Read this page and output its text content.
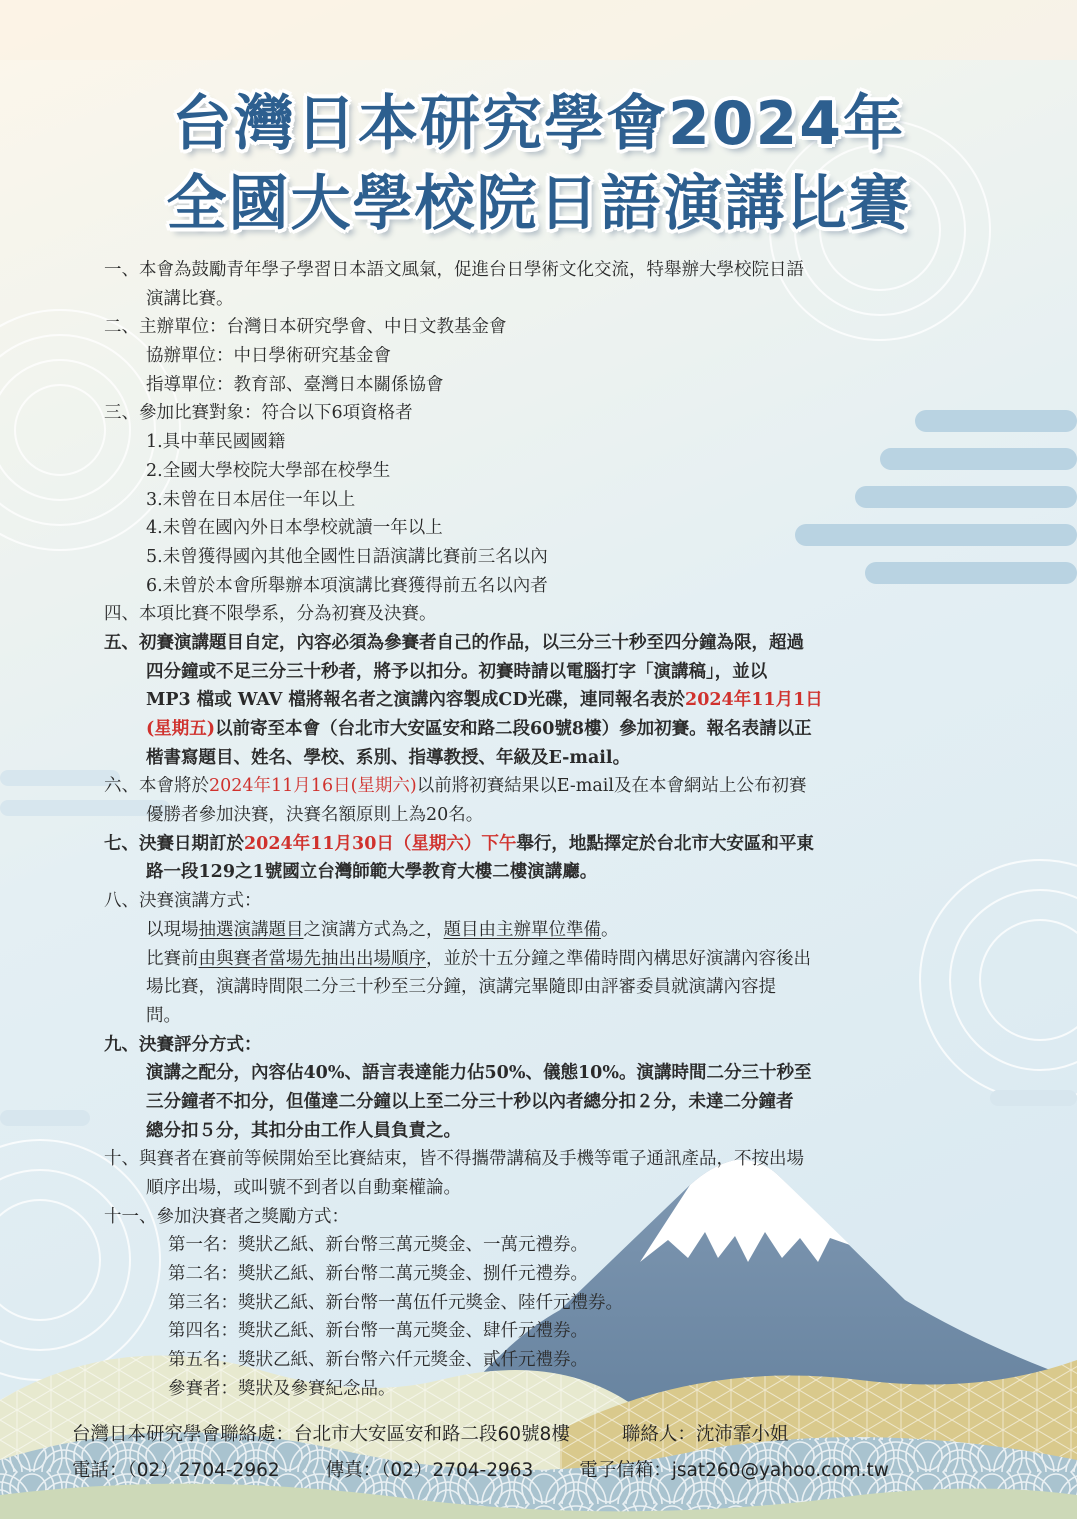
台灣日本研究學會2024年
全國大學校院日語演講比賽
一、本會為鼓勵青年學子學習日本語文風氣，促進台日學術文化交流，特舉辦大學校院日語
演講比賽。
二、主辦單位：台灣日本研究學會、中日文教基金會
協辦單位：中日學術研究基金會
指導單位：教育部、臺灣日本關係協會
三、參加比賽對象：符合以下6項資格者
1.具中華民國國籍
2.全國大學校院大學部在校學生
3.未曾在日本居住一年以上
4.未曾在國內外日本學校就讀一年以上
5.未曾獲得國內其他全國性日語演講比賽前三名以內
6.未曾於本會所舉辦本項演講比賽獲得前五名以內者
四、本項比賽不限學系，分為初賽及決賽。
五、初賽演講題目自定，內容必須為參賽者自己的作品，以三分三十秒至四分鐘為限，超過
四分鐘或不足三分三十秒者，將予以扣分。初賽時請以電腦打字「演講稿」，並以
MP3 檔或 WAV 檔將報名者之演講內容製成CD光碟，連同報名表於2024年11月1日
(星期五)以前寄至本會（台北市大安區安和路二段60號8樓）參加初賽。報名表請以正
楷書寫題目、姓名、學校、系別、指導教授、年級及E-mail。
六、本會將於2024年11月16日(星期六)以前將初賽結果以E-mail及在本會網站上公布初賽
優勝者參加決賽，決賽名額原則上為20名。
七、決賽日期訂於2024年11月30日（星期六）下午舉行，地點擇定於台北市大安區和平東
路一段129之1號國立台灣師範大學教育大樓二樓演講廳。
八、決賽演講方式：
以現場抽選演講題目之演講方式為之，題目由主辦單位準備。
比賽前由與賽者當場先抽出出場順序，並於十五分鐘之準備時間內構思好演講內容後出
場比賽，演講時間限二分三十秒至三分鐘，演講完畢隨即由評審委員就演講內容提
問。
九、決賽評分方式：
演講之配分，內容佔40%、語言表達能力佔50%、儀態10%。演講時間二分三十秒至
三分鐘者不扣分，但僅達二分鐘以上至二分三十秒以內者總分扣２分，未達二分鐘者
總分扣５分，其扣分由工作人員負責之。
十、與賽者在賽前等候開始至比賽結束，皆不得攜帶講稿及手機等電子通訊產品，不按出場
順序出場，或叫號不到者以自動棄權論。
十一、參加決賽者之獎勵方式：
第一名：獎狀乙紙、新台幣三萬元獎金、一萬元禮券。
第二名：獎狀乙紙、新台幣二萬元獎金、捌仟元禮券。
第三名：獎狀乙紙、新台幣一萬伍仟元獎金、陸仟元禮券。
第四名：獎狀乙紙、新台幣一萬元獎金、肆仟元禮券。
第五名：獎狀乙紙、新台幣六仟元獎金、貳仟元禮券。
參賽者：獎狀及參賽紀念品。
台灣日本研究學會聯絡處：台北市大安區安和路二段60號8樓	聯絡人：沈沛霏小姐
電話：（02）2704-2962 傳真：（02）2704-2963 電子信箱：jsat260@yahoo.com.tw
